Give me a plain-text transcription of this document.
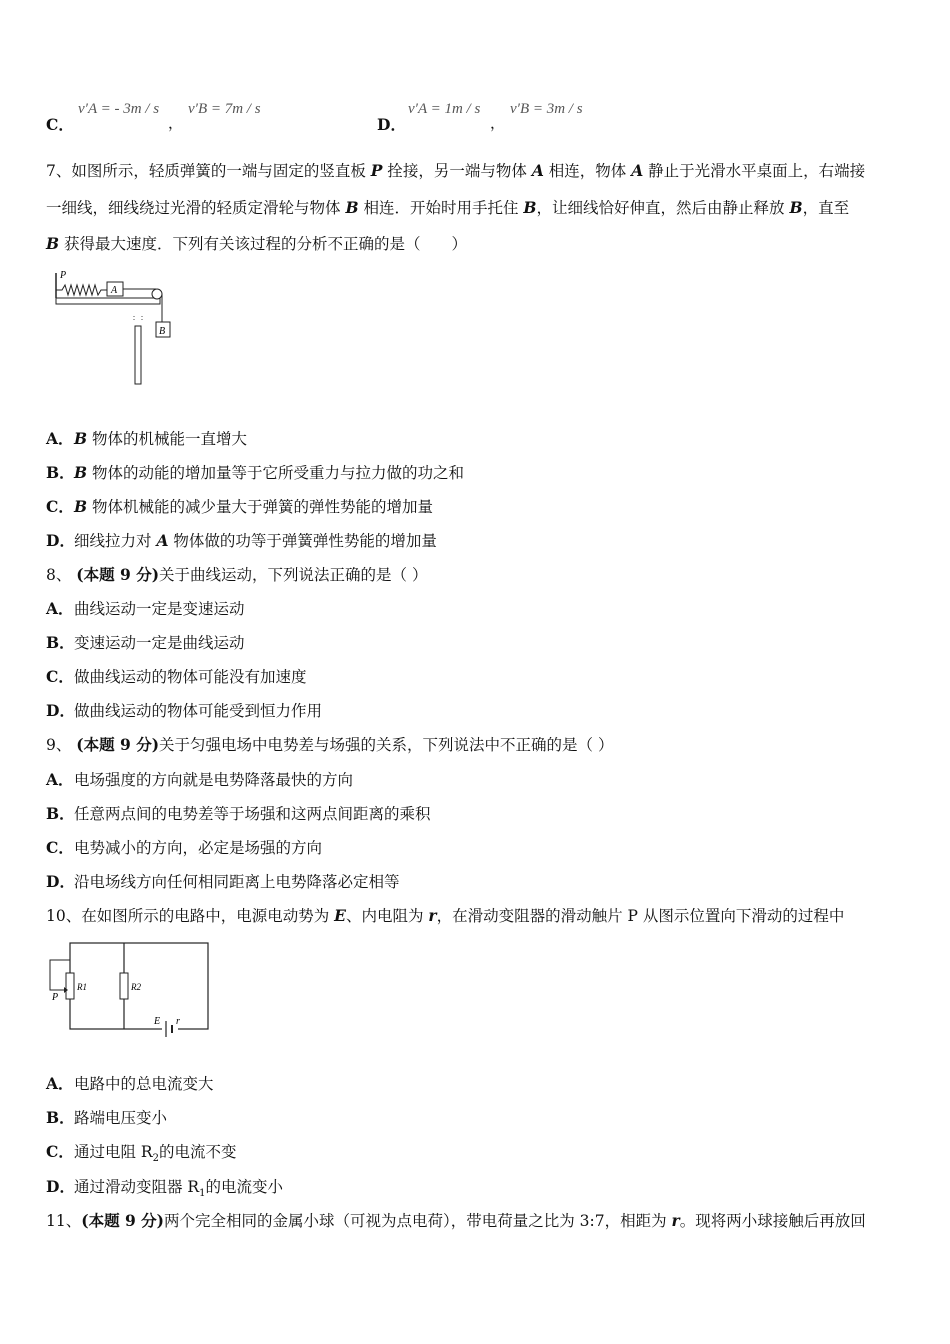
C．
v′A = - 3m / s
，
v′B = 7m / s
D．
v′A = 1m / s
，
v′B = 3m / s
7、如图所示，轻质弹簧的一端与固定的竖直板 P 拴接，另一端与物体 A 相连，物体 A 静止于光滑水平桌面上，右端接
一细线，细线绕过光滑的轻质定滑轮与物体 B 相连．开始时用手托住 B，让细线恰好伸直，然后由静止释放 B，直至
B 获得最大速度．下列有关该过程的分析不正确的是（　　）
P
A
B
A．B 物体的机械能一直增大
B．B 物体的动能的增加量等于它所受重力与拉力做的功之和
C．B 物体机械能的减少量大于弹簧的弹性势能的增加量
D．细线拉力对 A 物体做的功等于弹簧弹性势能的增加量
8、 (本题 9 分)关于曲线运动，下列说法正确的是（ ）
A．曲线运动一定是变速运动
B．变速运动一定是曲线运动
C．做曲线运动的物体可能没有加速度
D．做曲线运动的物体可能受到恒力作用
9、 (本题 9 分)关于匀强电场中电势差与场强的关系，下列说法中不正确的是（ ）
A．电场强度的方向就是电势降落最快的方向
B．任意两点间的电势差等于场强和这两点间距离的乘积
C．电势减小的方向，必定是场强的方向
D．沿电场线方向任何相同距离上电势降落必定相等
10、在如图所示的电路中，电源电动势为 E、内电阻为 r，在滑动变阻器的滑动触片 P 从图示位置向下滑动的过程中
P
R1	R2
E r
A．电路中的总电流变大
B．路端电压变小
C．通过电阻 $R_2$的电流不变
D．通过滑动变阻器 $R_1$的电流变小
11、(本题 9 分)两个完全相同的金属小球（可视为点电荷），带电荷量之比为 3:7，相距为 r。现将两小球接触后再放回
